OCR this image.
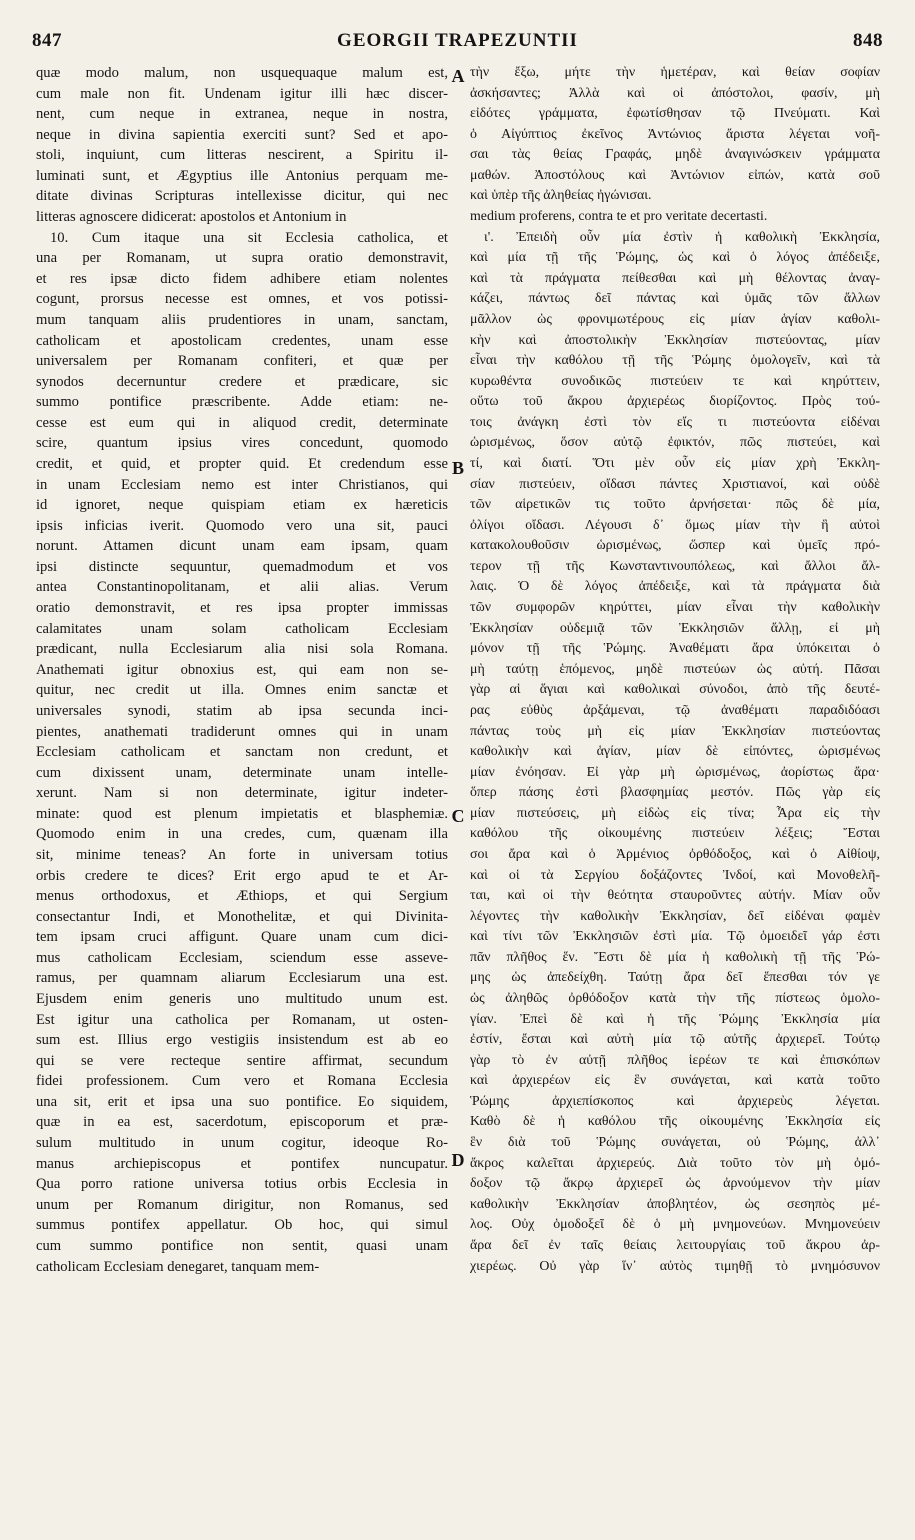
847	GEORGII TRAPEZUNTII	848
quæ modo malum, non usquequaque malum est,
cum male non fit. Undenam igitur illi hæc discer-
nent, cum neque in extranea, neque in nostra,
neque in divina sapientia exerciti sunt? Sed et apo-
stoli, inquiunt, cum litteras nescirent, a Spiritu il-
luminati sunt, et Ægyptius ille Antonius perquam me-
ditate divinas Scripturas intellexisse dicitur, qui nec
litteras agnoscere didicerat: apostolos et Antonium in
10. Cum itaque una sit Ecclesia catholica, et
una per Romanam, ut supra oratio demonstravit,
et res ipsæ dicto fidem adhibere etiam nolentes
cogunt, prorsus necesse est omnes, et vos potissi-
mum tanquam aliis prudentiores in unam, sanctam,
catholicam et apostolicam credentes, unam esse
universalem per Romanam confiteri, et quæ per
synodos decernuntur credere et prædicare, sic
summo pontifice præscribente. Adde etiam: ne-
cesse est eum qui in aliquod credit, determinate
scire, quantum ipsius vires concedunt, quomodo
credit, et quid, et propter quid. Et credendum esse
in unam Ecclesiam nemo est inter Christianos, qui
id ignoret, neque quispiam etiam ex hæreticis
ipsis inficias iverit. Quomodo vero una sit, pauci
norunt. Attamen dicunt unam eam ipsam, quam
ipsi distincte sequuntur, quemadmodum et vos
antea Constantinopolitanam, et alii alias. Verum
oratio demonstravit, et res ipsa propter immissas
calamitates unam solam catholicam Ecclesiam
prædicant, nulla Ecclesiarum alia nisi sola Romana.
Anathemati igitur obnoxius est, qui eam non se-
quitur, nec credit ut illa. Omnes enim sanctæ et
universales synodi, statim ab ipsa secunda inci-
pientes, anathemati tradiderunt omnes qui in unam
Ecclesiam catholicam et sanctam non credunt, et
cum dixissent unam, determinate unam intelle-
xerunt. Nam si non determinate, igitur indeter-
minate: quod est plenum impietatis et blasphemiæ.
Quomodo enim in una credes, cum, quænam illa
sit, minime teneas? An forte in universam totius
orbis credere te dices? Erit ergo apud te et Ar-
menus orthodoxus, et Æthiops, et qui Sergium
consectantur Indi, et Monothelitæ, et qui Divinita-
tem ipsam cruci affigunt. Quare unam cum dici-
mus catholicam Ecclesiam, sciendum esse asseve-
ramus, per quamnam aliarum Ecclesiarum una est.
Ejusdem enim generis uno multitudo unum est.
Est igitur una catholica per Romanam, ut osten-
sum est. Illius ergo vestigiis insistendum est ab eo
qui se vere recteque sentire affirmat, secundum
fidei professionem. Cum vero et Romana Ecclesia
una sit, erit et ipsa una suo pontifice. Eo siquidem,
quæ in ea est, sacerdotum, episcoporum et præ-
sulum multitudo in unum cogitur, ideoque Ro-
manus archiepiscopus et pontifex nuncupatur.
Qua porro ratione universa totius orbis Ecclesia in
unum per Romanum dirigitur, non Romanus, sed
summus pontifex appellatur. Ob hoc, qui simul
cum summo pontifice non sentit, quasi unam
catholicam Ecclesiam denegaret, tanquam mem-
τὴν ἔξω, μήτε τὴν ἡμετέραν, καὶ θείαν σοφίαν
ἀσκήσαντες; Ἀλλὰ καὶ οἱ ἀπόστολοι, φασίν, μὴ
εἰδότες γράμματα, ἐφωτίσθησαν τῷ Πνεύματι. Καὶ
ὁ Αἰγύπτιος ἐκεῖνος Ἀντώνιος ἄριστα λέγεται νοῆ-
σαι τὰς θείας Γραφάς, μηδὲ ἀναγινώσκειν γράμματα
μαθών. Ἀποστόλους καὶ Ἀντώνιον εἰπών, κατὰ σοῦ
καὶ ὑπὲρ τῆς ἀληθείας ἠγώνισαι.
medium proferens, contra te et pro veritate decertasti.
ι'. Ἐπειδὴ οὖν μία ἐστὶν ἡ καθολικὴ Ἐκκλησία,
καὶ μία τῇ τῆς Ῥώμης, ὡς καὶ ὁ λόγος ἀπέδειξε,
καὶ τὰ πράγματα πείθεσθαι καὶ μὴ θέλοντας ἀναγ-
κάζει, πάντως δεῖ πάντας καὶ ὑμᾶς τῶν ἄλλων
μᾶλλον ὡς φρονιμωτέρους εἰς μίαν ἁγίαν καθολι-
κὴν καὶ ἀποστολικὴν Ἐκκλησίαν πιστεύοντας, μίαν
εἶναι τὴν καθόλου τῇ τῆς Ῥώμης ὁμολογεῖν, καὶ τὰ
κυρωθέντα συνοδικῶς πιστεύειν τε καὶ κηρύττειν,
οὕτω τοῦ ἄκρου ἀρχιερέως διορίζοντος. Πρὸς τού-
τοις ἀνάγκη ἐστὶ τὸν εἴς τι πιστεύοντα εἰδέναι
ὡρισμένως, ὅσον αὐτῷ ἐφικτόν, πῶς πιστεύει, καὶ
τί, καὶ διατί. Ὅτι μὲν οὖν εἰς μίαν χρὴ Ἐκκλη-
σίαν πιστεύειν, οἴδασι πάντες Χριστιανοί, καὶ οὐδὲ
τῶν αἱρετικῶν τις τοῦτο ἀρνήσεται· πῶς δὲ μία,
ὀλίγοι οἴδασι. Λέγουσι δ᾽ ὅμως μίαν τὴν ἣ αὐτοὶ
κατακολουθοῦσιν ὡρισμένως, ὥσπερ καὶ ὑμεῖς πρό-
τερον τῇ τῆς Κωνσταντινουπόλεως, καὶ ἄλλοι ἄλ-
λαις. Ὁ δὲ λόγος ἀπέδειξε, καὶ τὰ πράγματα διὰ
τῶν συμφορῶν κηρύττει, μίαν εἶναι τὴν καθολικὴν
Ἐκκλησίαν οὐδεμιᾷ τῶν Ἐκκλησιῶν ἄλλῃ, εἰ μὴ
μόνον τῇ τῆς Ῥώμης. Ἀναθέματι ἄρα ὑπόκειται ὁ
μὴ ταύτῃ ἑπόμενος, μηδὲ πιστεύων ὡς αὐτή. Πᾶσαι
γὰρ αἱ ἅγιαι καὶ καθολικαὶ σύνοδοι, ἀπὸ τῆς δευτέ-
ρας εὐθὺς ἀρξάμεναι, τῷ ἀναθέματι παραδιδόασι
πάντας τοὺς μὴ εἰς μίαν Ἐκκλησίαν πιστεύοντας
καθολικὴν καὶ ἁγίαν, μίαν δὲ εἰπόντες, ὡρισμένως
μίαν ἐνόησαν. Εἰ γὰρ μὴ ὡρισμένως, ἀορίστως ἄρα·
ὅπερ πάσης ἐστὶ βλασφημίας μεστόν. Πῶς γὰρ εἰς
μίαν πιστεύσεις, μὴ εἰδὼς εἰς τίνα; Ἆρα εἰς τὴν
καθόλου τῆς οἰκουμένης πιστεύειν λέξεις; Ἔσται
σοι ἄρα καὶ ὁ Ἀρμένιος ὀρθόδοξος, καὶ ὁ Αἰθίοψ,
καὶ οἱ τὰ Σεργίου δοξάζοντες Ἰνδοί, καὶ Μονοθελῆ-
ται, καὶ οἱ τὴν θεότητα σταυροῦντες αὐτήν. Μίαν οὖν
λέγοντες τὴν καθολικὴν Ἐκκλησίαν, δεῖ εἰδέναι φαμὲν
καὶ τίνι τῶν Ἐκκλησιῶν ἐστὶ μία. Τῷ ὁμοειδεῖ γάρ ἐστι
πᾶν πλῆθος ἕν. Ἔστι δὲ μία ἡ καθολικὴ τῇ τῆς Ῥώ-
μης ὡς ἀπεδείχθη. Ταύτῃ ἄρα δεῖ ἕπεσθαι τόν γε
ὡς ἀληθῶς ὀρθόδοξον κατὰ τὴν τῆς πίστεως ὁμολο-
γίαν. Ἐπεὶ δὲ καὶ ἡ τῆς Ῥώμης Ἐκκλησία μία
ἐστίν, ἔσται καὶ αὐτὴ μία τῷ αὐτῆς ἀρχιερεῖ. Τούτῳ
γὰρ τὸ ἐν αὐτῇ πλῆθος ἱερέων τε καὶ ἐπισκόπων
καὶ ἀρχιερέων εἰς ἓν συνάγεται, καὶ κατὰ τοῦτο
Ῥώμης ἀρχιεπίσκοπος καὶ ἀρχιερεὺς λέγεται.
Καθὸ δὲ ἡ καθόλου τῆς οἰκουμένης Ἐκκλησία εἰς
ἓν διὰ τοῦ Ῥώμης συνάγεται, οὐ Ῥώμης, ἀλλ᾽
ἄκρος καλεῖται ἀρχιερεύς. Διὰ τοῦτο τὸν μὴ ὁμό-
δοξον τῷ ἄκρῳ ἀρχιερεῖ ὡς ἀρνούμενον τὴν μίαν
καθολικὴν Ἐκκλησίαν ἀποβλητέον, ὡς σεσηπὸς μέ-
λος. Οὐχ ὁμοδοξεῖ δὲ ὁ μὴ μνημονεύων. Μνημονεύειν
ἄρα δεῖ ἐν ταῖς θείαις λειτουργίαις τοῦ ἄκρου ἀρ-
χιερέως. Οὐ γὰρ ἵν᾽ αὐτὸς τιμηθῇ τὸ μνημόσυνον
A
B
C
D
